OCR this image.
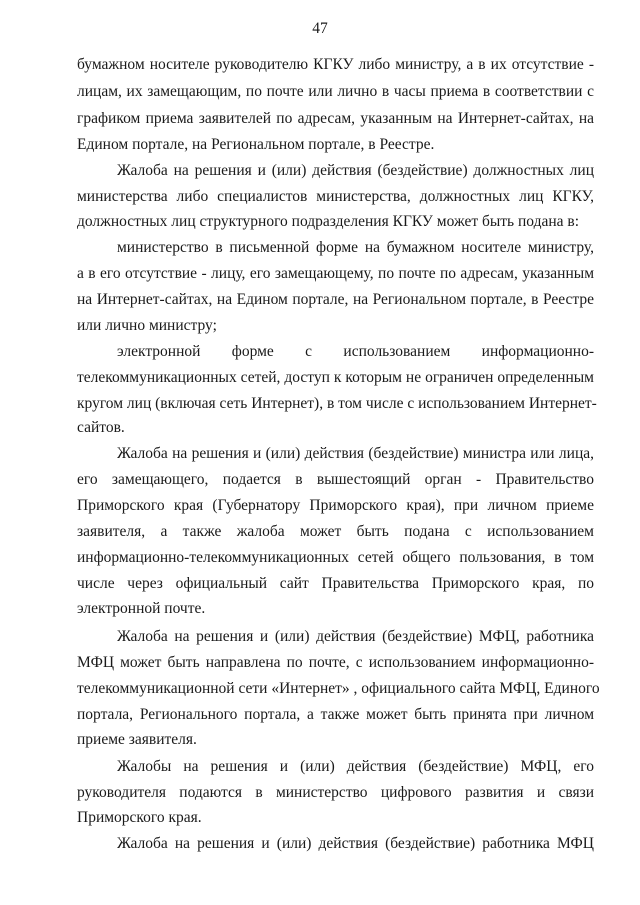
47
бумажном носителе руководителю КГКУ либо министру, а в их отсутствие -
лицам, их замещающим, по почте или лично в часы приема в соответствии с
графиком приема заявителей по адресам, указанным на Интернет-сайтах, на
Едином портале, на Региональном портале, в Реестре.
Жалоба на решения и (или) действия (бездействие) должностных лиц
министерства либо специалистов министерства, должностных лиц КГКУ,
должностных лиц структурного подразделения КГКУ может быть подана в:
министерство в письменной форме на бумажном носителе министру,
а в его отсутствие - лицу, его замещающему, по почте по адресам, указанным
на Интернет-сайтах, на Едином портале, на Региональном портале, в Реестре
или лично министру;
электронной форме с использованием информационно-
телекоммуникационных сетей, доступ к которым не ограничен определенным
кругом лиц (включая сеть Интернет), в том числе с использованием Интернет-
сайтов.
Жалоба на решения и (или) действия (бездействие) министра или лица,
его замещающего, подается в вышестоящий орган - Правительство
Приморского края (Губернатору Приморского края), при личном приеме
заявителя, а также жалоба может быть подана с использованием
информационно-телекоммуникационных сетей общего пользования, в том
числе через официальный сайт Правительства Приморского края, по
электронной почте.
Жалоба на решения и (или) действия (бездействие) МФЦ, работника
МФЦ может быть направлена по почте, с использованием информационно-
телекоммуникационной сети «Интернет» , официального сайта МФЦ, Единого
портала, Регионального портала, а также может быть принята при личном
приеме заявителя.
Жалобы на решения и (или) действия (бездействие) МФЦ, его
руководителя подаются в министерство цифрового развития и связи
Приморского края.
Жалоба на решения и (или) действия (бездействие) работника МФЦ
